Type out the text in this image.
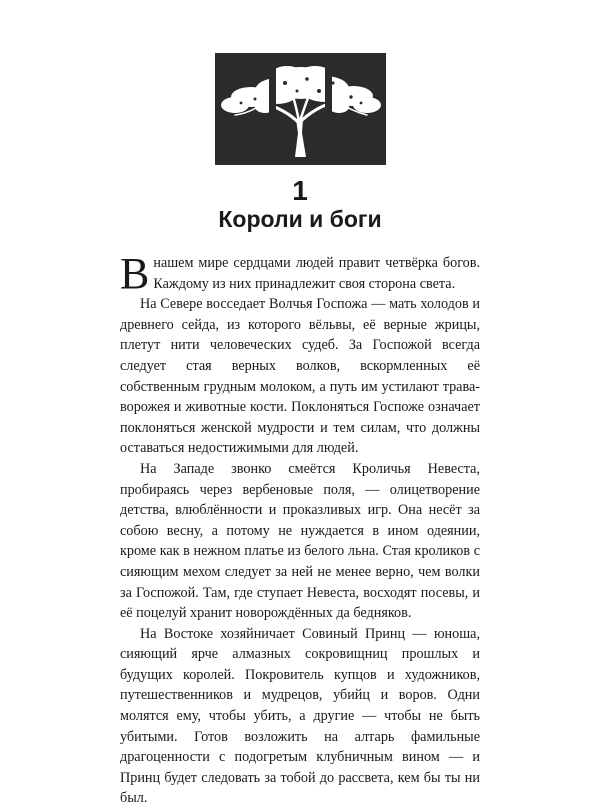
1
Короли и боги

Внашем мире сердцами людей правит четвёрка богов. Каждому из них принадлежит своя сторона света.

На Севере восседает Волчья Госпожа — мать холодов и древнего сейда, из которого вёльвы, её верные жрицы, плетут нити человеческих судеб. За Госпожой всегда следует стая верных волков, вскормленных её собственным грудным молоком, а путь им устилают трава-ворожея и животные кости. Поклоняться Госпоже означает поклоняться женской мудрости и тем силам, что должны оставаться недостижимыми для людей.

На Западе звонко смеётся Кроличья Невеста, пробираясь через вербеновые поля, — олицетворение детства, влюблённости и проказливых игр. Она несёт за собою весну, а потому не нуждается в ином одеянии, кроме как в нежном платье из белого льна. Стая кроликов с сияющим мехом следует за ней не менее верно, чем волки за Госпожой. Там, где ступает Невеста, восходят посевы, и её поцелуй хранит новорождённых да бедняков.

На Востоке хозяйничает Совиный Принц — юноша, сияющий ярче алмазных сокровищниц прошлых и будущих королей. Покровитель купцов и художников, путешественников и мудрецов, убийц и воров. Одни молятся ему, чтобы убить, а другие — чтобы не быть убитыми. Готов возложить на алтарь фамильные драгоценности с подогретым клубничным вином — и Принц будет следовать за тобой до рассвета, кем бы ты ни был.
